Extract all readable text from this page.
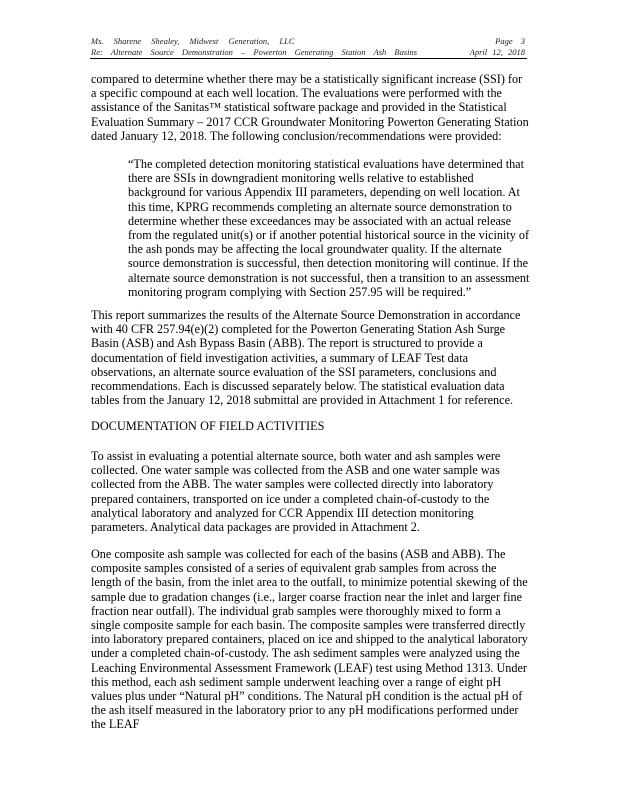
Ms. Sharene Shealey, Midwest Generation, LLC
Re: Alternate Source Demonstration – Powerton Generating Station Ash Basins
Page 3
April 12, 2018

compared to determine whether there may be a statistically significant increase (SSI) for a specific compound at each well location. The evaluations were performed with the assistance of the Sanitas™ statistical software package and provided in the Statistical Evaluation Summary – 2017 CCR Groundwater Monitoring Powerton Generating Station dated January 12, 2018. The following conclusion/recommendations were provided:

“The completed detection monitoring statistical evaluations have determined that there are SSIs in downgradient monitoring wells relative to established background for various Appendix III parameters, depending on well location. At this time, KPRG recommends completing an alternate source demonstration to determine whether these exceedances may be associated with an actual release from the regulated unit(s) or if another potential historical source in the vicinity of the ash ponds may be affecting the local groundwater quality. If the alternate source demonstration is successful, then detection monitoring will continue. If the alternate source demonstration is not successful, then a transition to an assessment monitoring program complying with Section 257.95 will be required.”

This report summarizes the results of the Alternate Source Demonstration in accordance with 40 CFR 257.94(e)(2) completed for the Powerton Generating Station Ash Surge Basin (ASB) and Ash Bypass Basin (ABB). The report is structured to provide a documentation of field investigation activities, a summary of LEAF Test data observations, an alternate source evaluation of the SSI parameters, conclusions and recommendations. Each is discussed separately below. The statistical evaluation data tables from the January 12, 2018 submittal are provided in Attachment 1 for reference.

DOCUMENTATION OF FIELD ACTIVITIES

To assist in evaluating a potential alternate source, both water and ash samples were collected. One water sample was collected from the ASB and one water sample was collected from the ABB. The water samples were collected directly into laboratory prepared containers, transported on ice under a completed chain-of-custody to the analytical laboratory and analyzed for CCR Appendix III detection monitoring parameters. Analytical data packages are provided in Attachment 2.

One composite ash sample was collected for each of the basins (ASB and ABB). The composite samples consisted of a series of equivalent grab samples from across the length of the basin, from the inlet area to the outfall, to minimize potential skewing of the sample due to gradation changes (i.e., larger coarse fraction near the inlet and larger fine fraction near outfall). The individual grab samples were thoroughly mixed to form a single composite sample for each basin. The composite samples were transferred directly into laboratory prepared containers, placed on ice and shipped to the analytical laboratory under a completed chain-of-custody. The ash sediment samples were analyzed using the Leaching Environmental Assessment Framework (LEAF) test using Method 1313. Under this method, each ash sediment sample underwent leaching over a range of eight pH values plus under “Natural pH” conditions. The Natural pH condition is the actual pH of the ash itself measured in the laboratory prior to any pH modifications performed under the LEAF
